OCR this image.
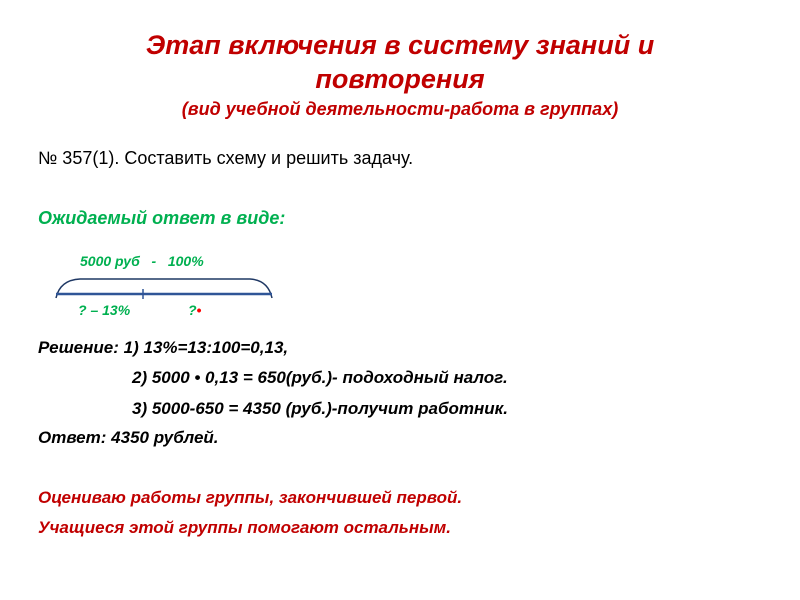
Этап включения в систему знаний и
повторения
(вид учебной деятельности-работа в группах)
№ 357(1). Составить схему и решить задачу.
Ожидаемый ответ в виде:
5000 руб   -   100%
? – 13%	?•
Решение: 1) 13%=13:100=0,13,
2) 5000 • 0,13 = 650(руб.)- подоходный налог.
3) 5000-650 = 4350 (руб.)-получит работник.
Ответ: 4350 рублей.
Оцениваю работы группы, закончившей первой.
Учащиеся этой группы помогают остальным.
